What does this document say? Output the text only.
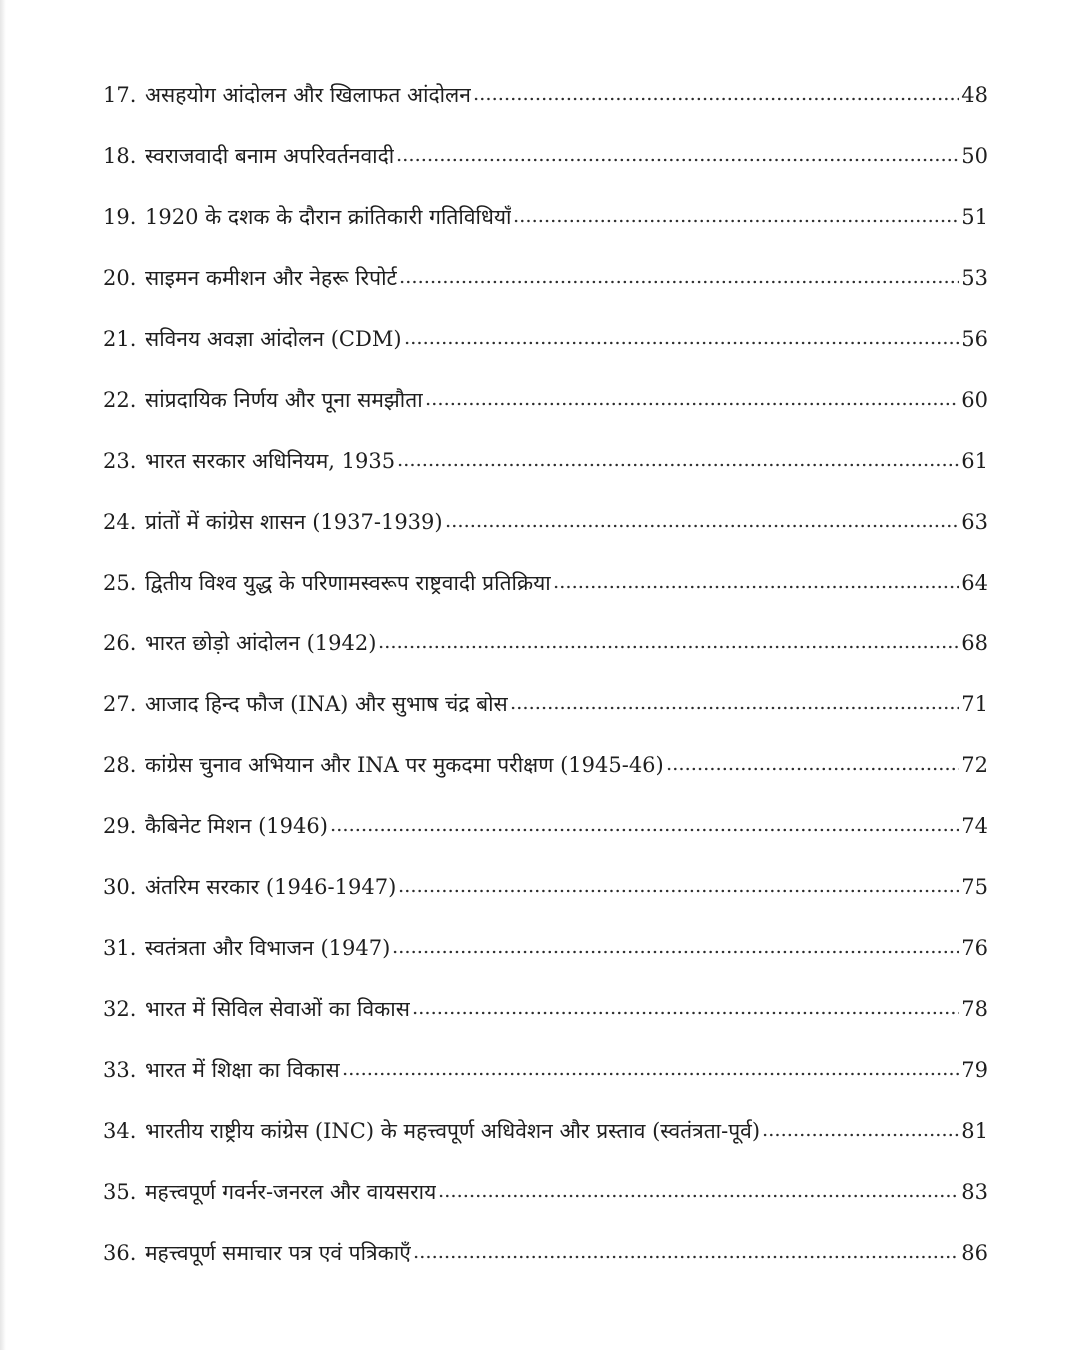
17. असहयोग आंदोलन और खिलाफत आंदोलन	48
18. स्वराजवादी बनाम अपरिवर्तनवादी	50
19. 1920 के दशक के दौरान क्रांतिकारी गतिविधियाँ	51
20. साइमन कमीशन और नेहरू रिपोर्ट	53
21. सविनय अवज्ञा आंदोलन (CDM)	56
22. सांप्रदायिक निर्णय और पूना समझौता	60
23. भारत सरकार अधिनियम, 1935	61
24. प्रांतों में कांग्रेस शासन (1937-1939)	63
25. द्वितीय विश्व युद्ध के परिणामस्वरूप राष्ट्रवादी प्रतिक्रिया	64
26. भारत छोड़ो आंदोलन (1942)	68
27. आजाद हिन्द फौज (INA) और सुभाष चंद्र बोस	71
28. कांग्रेस चुनाव अभियान और INA पर मुकदमा परीक्षण (1945-46)	72
29. कैबिनेट मिशन (1946)	74
30. अंतरिम सरकार (1946-1947)	75
31. स्वतंत्रता और विभाजन (1947)	76
32. भारत में सिविल सेवाओं का विकास	78
33. भारत में शिक्षा का विकास	79
34. भारतीय राष्ट्रीय कांग्रेस (INC) के महत्त्वपूर्ण अधिवेशन और प्रस्ताव (स्वतंत्रता-पूर्व)	81
35. महत्त्वपूर्ण गवर्नर-जनरल और वायसराय	83
36. महत्त्वपूर्ण समाचार पत्र एवं पत्रिकाएँ	86
